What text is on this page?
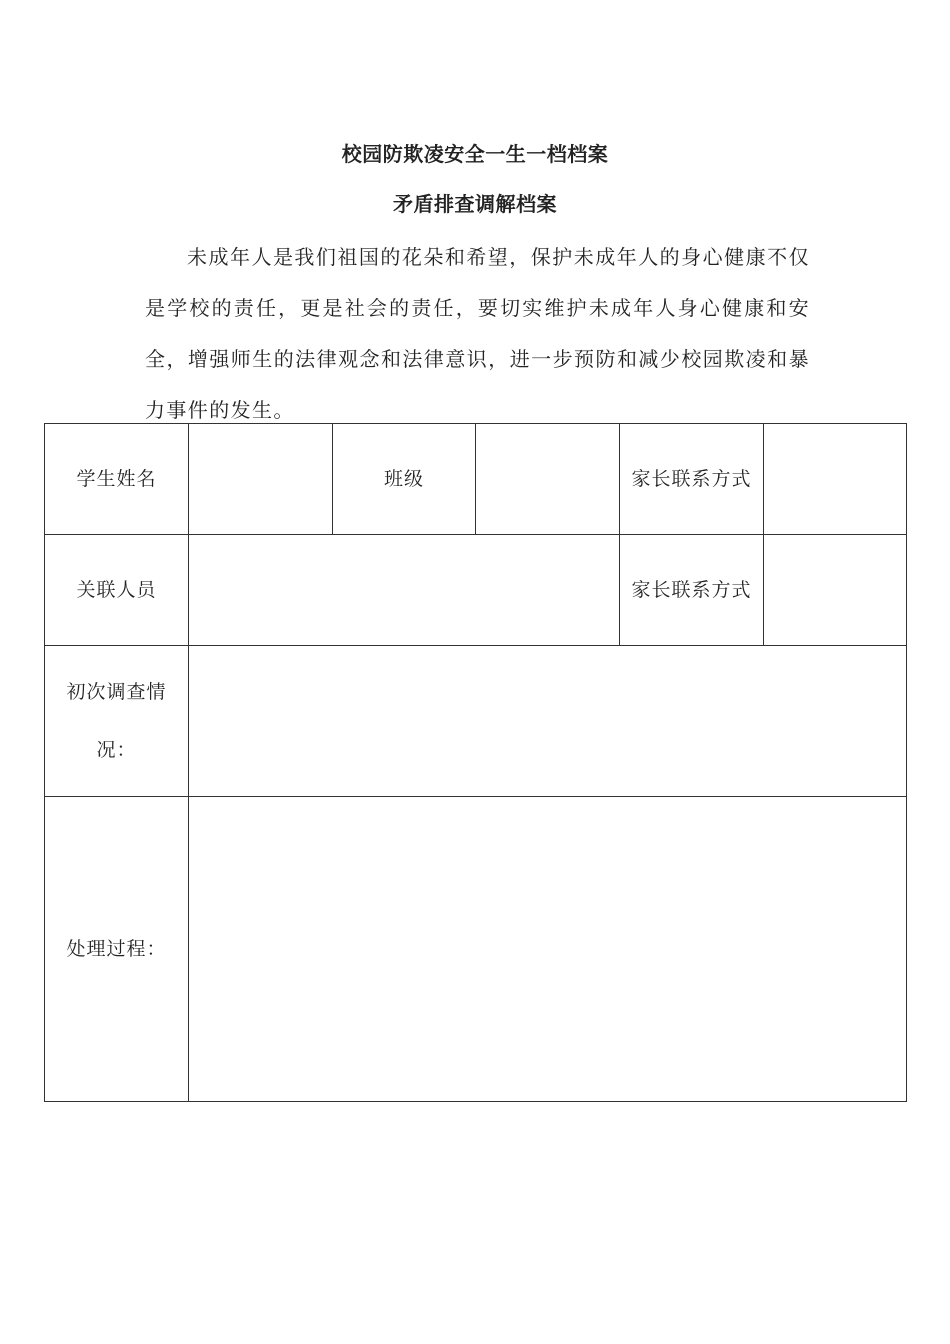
校园防欺凌安全一生一档档案
矛盾排查调解档案
未成年人是我们祖国的花朵和希望，保护未成年人的身心健康不仅是学校的责任，更是社会的责任，要切实维护未成年人身心健康和安全，增强师生的法律观念和法律意识，进一步预防和减少校园欺凌和暴力事件的发生。
学生姓名		班级		家长联系方式	
关联人员				家长联系方式	
初次调查情况：					
处理过程：					
